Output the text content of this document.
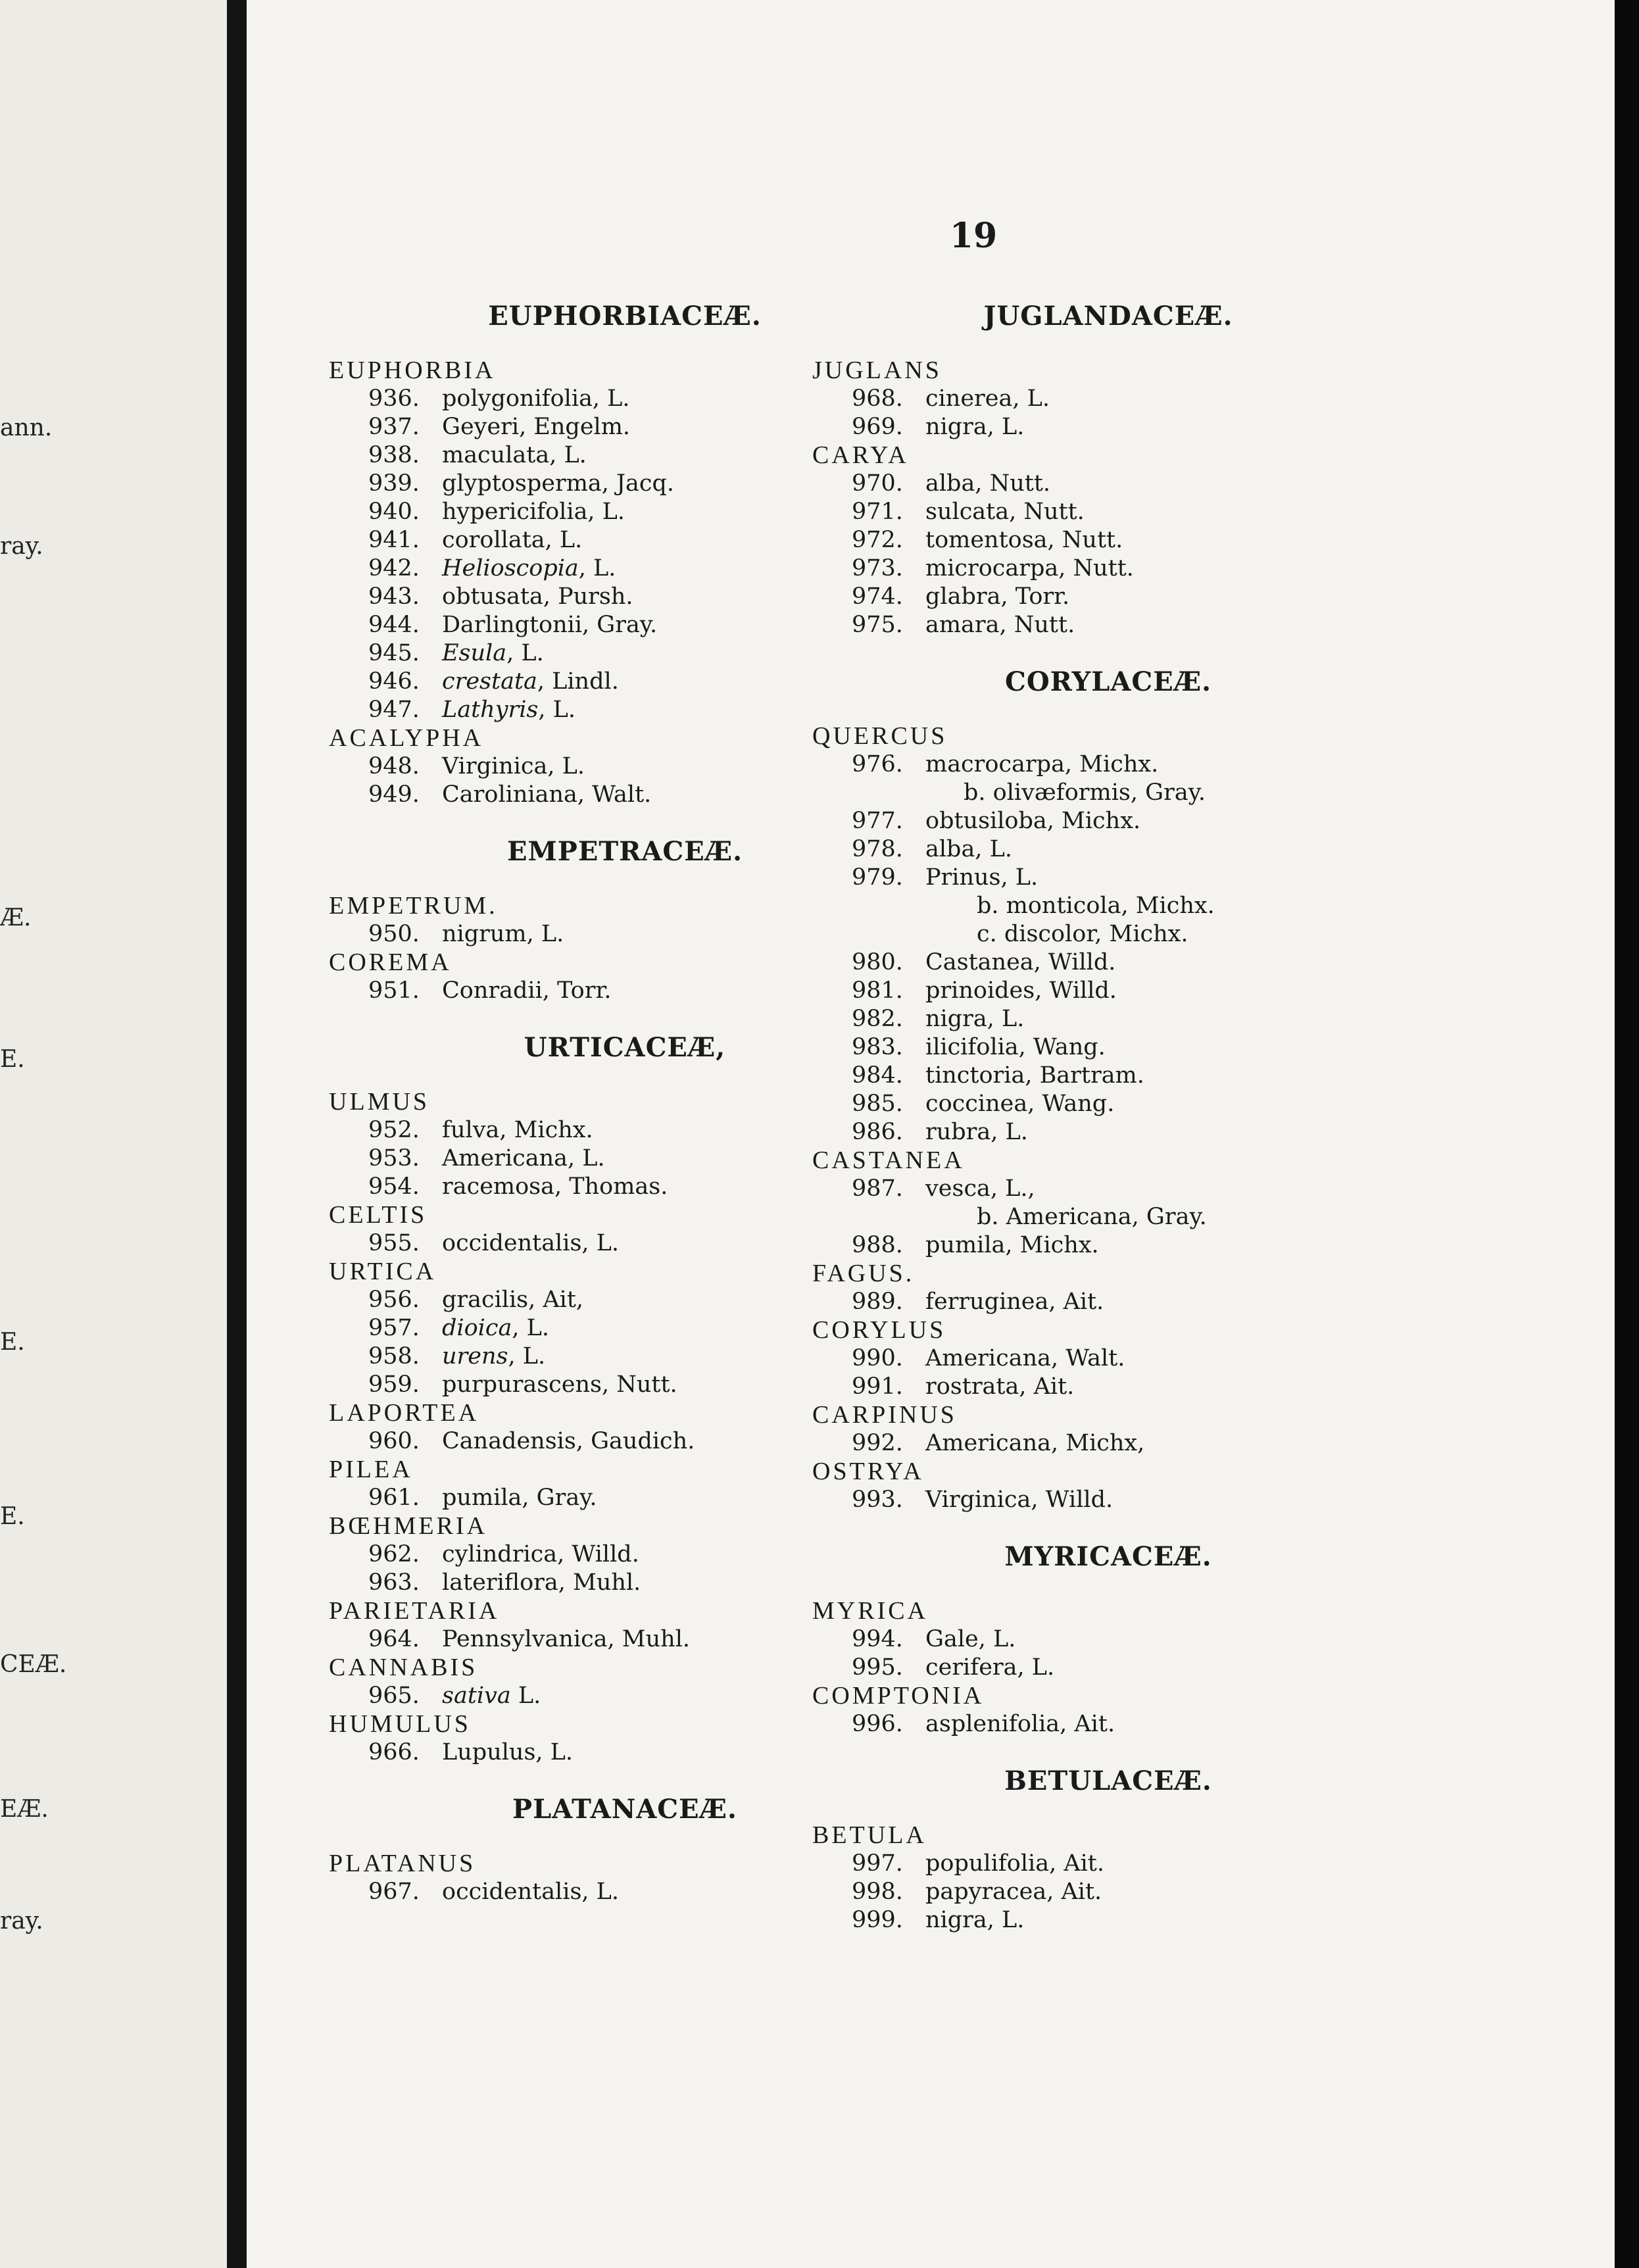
ann.
ray.
Æ.
E.
E.
E.
CEÆ.
EÆ.
ray.
19
EUPHORBIACEÆ.
EUPHORBIA
936. polygonifolia, L.
937. Geyeri, Engelm.
938. maculata, L.
939. glyptosperma, Jacq.
940. hypericifolia, L.
941. corollata, L.
942. Helioscopia, L.
943. obtusata, Pursh.
944. Darlingtonii, Gray.
945. Esula, L.
946. crestata, Lindl.
947. Lathyris, L.
ACALYPHA
948. Virginica, L.
949. Caroliniana, Walt.
EMPETRACEÆ.
EMPETRUM.
950. nigrum, L.
COREMA
951. Conradii, Torr.
URTICACEÆ,
ULMUS
952. fulva, Michx.
953. Americana, L.
954. racemosa, Thomas.
CELTIS
955. occidentalis, L.
URTICA
956. gracilis, Ait,
957. dioica, L.
958. urens, L.
959. purpurascens, Nutt.
LAPORTEA
960. Canadensis, Gaudich.
PILEA
961. pumila, Gray.
BŒHMERIA
962. cylindrica, Willd.
963. lateriflora, Muhl.
PARIETARIA
964. Pennsylvanica, Muhl.
CANNABIS
965. sativa L.
HUMULUS
966. Lupulus, L.
PLATANACEÆ.
PLATANUS
967. occidentalis, L.
JUGLANDACEÆ.
JUGLANS
968. cinerea, L.
969. nigra, L.
CARYA
970. alba, Nutt.
971. sulcata, Nutt.
972. tomentosa, Nutt.
973. microcarpa, Nutt.
974. glabra, Torr.
975. amara, Nutt.
CORYLACEÆ.
QUERCUS
976. macrocarpa, Michx.
b. olivæformis, Gray.
977. obtusiloba, Michx.
978. alba, L.
979. Prinus, L.
b. monticola, Michx.
c. discolor, Michx.
980. Castanea, Willd.
981. prinoides, Willd.
982. nigra, L.
983. ilicifolia, Wang.
984. tinctoria, Bartram.
985. coccinea, Wang.
986. rubra, L.
CASTANEA
987. vesca, L.,
b. Americana, Gray.
988. pumila, Michx.
FAGUS.
989. ferruginea, Ait.
CORYLUS
990. Americana, Walt.
991. rostrata, Ait.
CARPINUS
992. Americana, Michx,
OSTRYA
993. Virginica, Willd.
MYRICACEÆ.
MYRICA
994. Gale, L.
995. cerifera, L.
COMPTONIA
996. asplenifolia, Ait.
BETULACEÆ.
BETULA
997. populifolia, Ait.
998. papyracea, Ait.
999. nigra, L.
